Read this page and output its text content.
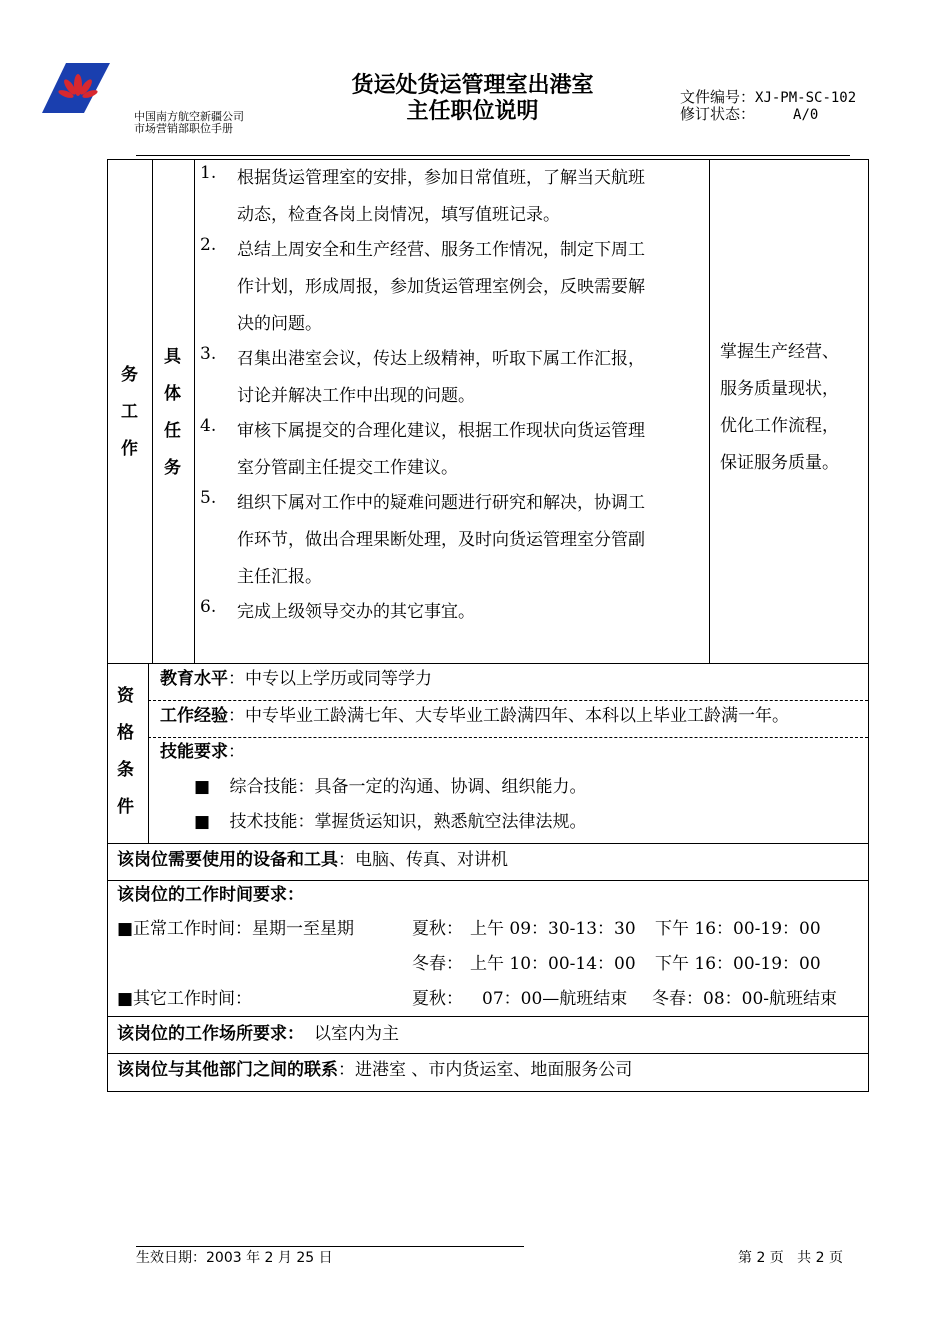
中国南方航空新疆公司
市场营销部职位手册
货运处货运管理室出港室
主任职位说明
文件编号：XJ-PM-SC-102
修订状态：	A/0
务
工
作
具
体
任
务
1.	根据货运管理室的安排，参加日常值班，了解当天航班
动态，检查各岗上岗情况，填写值班记录。
2.	总结上周安全和生产经营、服务工作情况，制定下周工
作计划，形成周报，参加货运管理室例会，反映需要解
决的问题。
3.	召集出港室会议，传达上级精神，听取下属工作汇报，
讨论并解决工作中出现的问题。
4.	审核下属提交的合理化建议，根据工作现状向货运管理
室分管副主任提交工作建议。
5.	组织下属对工作中的疑难问题进行研究和解决，协调工
作环节，做出合理果断处理，及时向货运管理室分管副
主任汇报。
6.	完成上级领导交办的其它事宜。
掌握生产经营、
服务质量现状，
优化工作流程，
保证服务质量。
资
格
条
件
教育水平：中专以上学历或同等学力
工作经验：中专毕业工龄满七年、大专毕业工龄满四年、本科以上毕业工龄满一年。
技能要求：
■ 综合技能：具备一定的沟通、协调、组织能力。
■ 技术技能：掌握货运知识，熟悉航空法律法规。
该岗位需要使用的设备和工具：电脑、传真、对讲机
该岗位的工作时间要求：
■正常工作时间：星期一至星期	夏秋： 上午 09：30-13：30 下午 16：00-19：00
冬春： 上午 10：00-14：00 下午 16：00-19：00
■其它工作时间：	夏秋： 07：00—航班结束 冬春：08：00-航班结束
该岗位的工作场所要求： 以室内为主
该岗位与其他部门之间的联系：进港室 、市内货运室、地面服务公司
生效日期：2003 年 2 月 25 日	第 2 页   共 2 页
